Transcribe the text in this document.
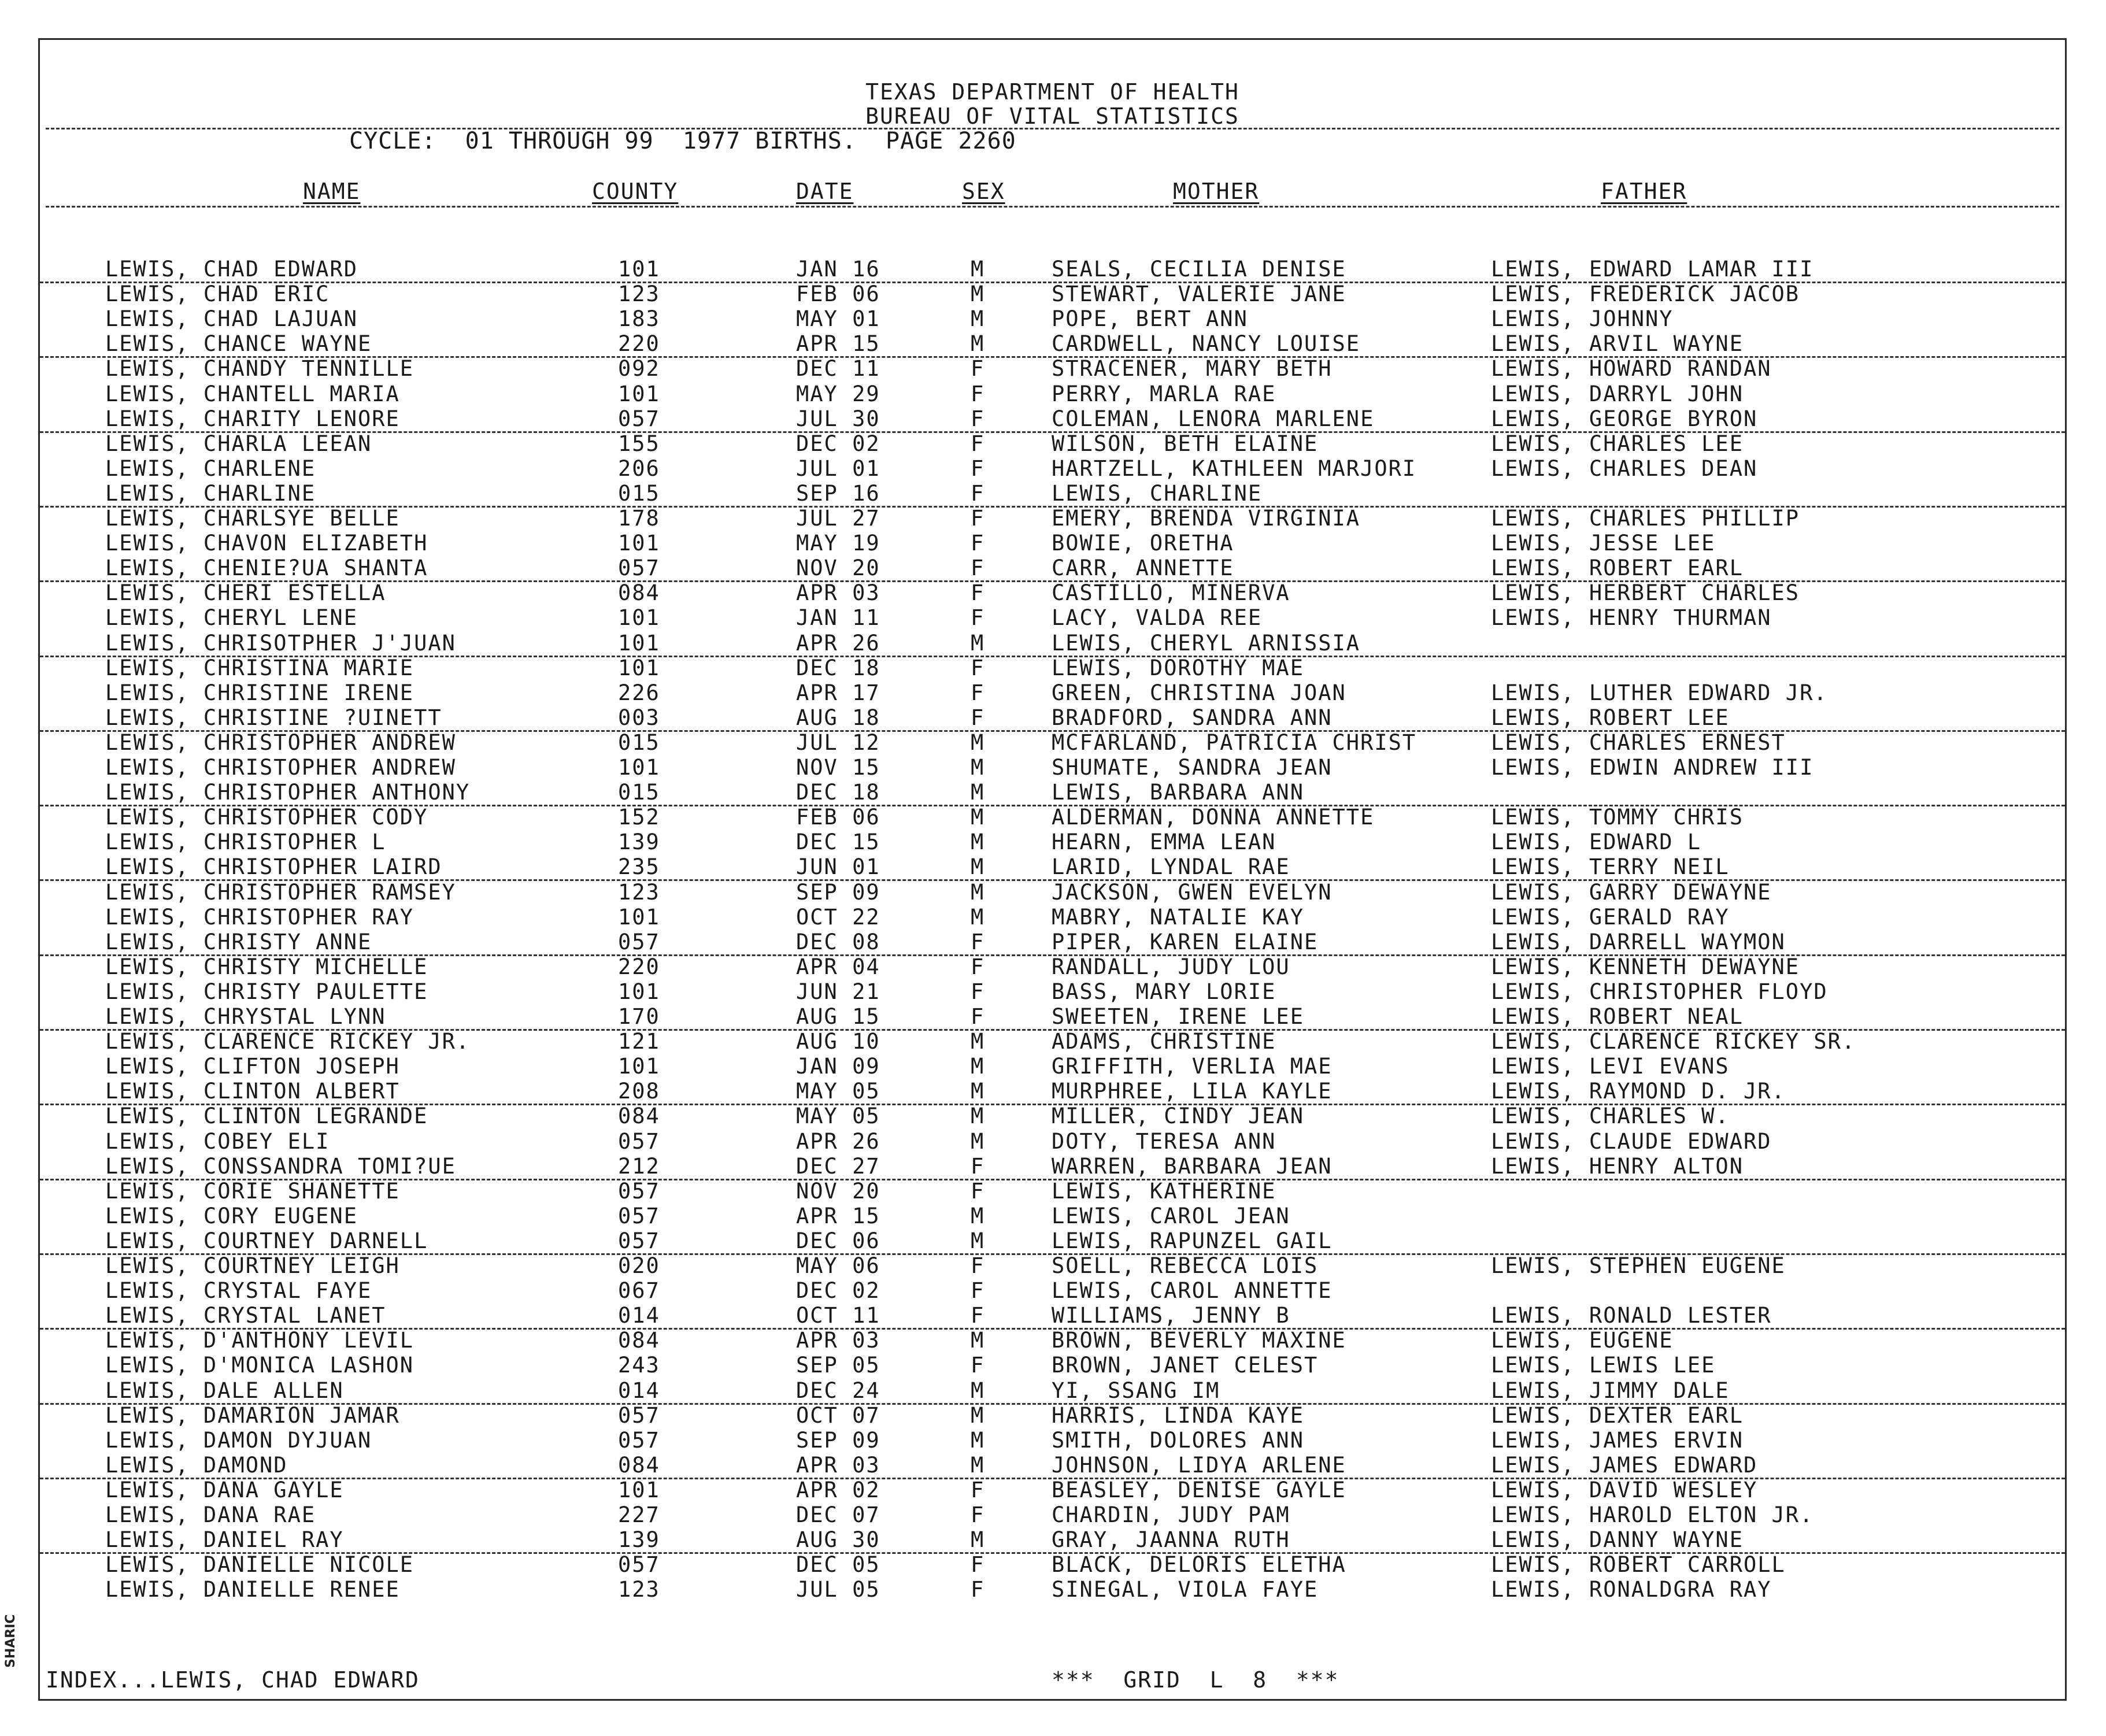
TEXAS DEPARTMENT OF HEALTH
BUREAU OF VITAL STATISTICS
CYCLE:  01 THROUGH 99  1977 BIRTHS.  PAGE 2260
NAME	COUNTY	DATE	SEX	MOTHER	FATHER
LEWIS, CHAD EDWARD	101	JAN 16	M	SEALS, CECILIA DENISE	LEWIS, EDWARD LAMAR III
LEWIS, CHAD ERIC	123	FEB 06	M	STEWART, VALERIE JANE	LEWIS, FREDERICK JACOB
LEWIS, CHAD LAJUAN	183	MAY 01	M	POPE, BERT ANN	LEWIS, JOHNNY
LEWIS, CHANCE WAYNE	220	APR 15	M	CARDWELL, NANCY LOUISE	LEWIS, ARVIL WAYNE
LEWIS, CHANDY TENNILLE	092	DEC 11	F	STRACENER, MARY BETH	LEWIS, HOWARD RANDAN
LEWIS, CHANTELL MARIA	101	MAY 29	F	PERRY, MARLA RAE	LEWIS, DARRYL JOHN
LEWIS, CHARITY LENORE	057	JUL 30	F	COLEMAN, LENORA MARLENE	LEWIS, GEORGE BYRON
LEWIS, CHARLA LEEAN	155	DEC 02	F	WILSON, BETH ELAINE	LEWIS, CHARLES LEE
LEWIS, CHARLENE	206	JUL 01	F	HARTZELL, KATHLEEN MARJORI	LEWIS, CHARLES DEAN
LEWIS, CHARLINE	015	SEP 16	F	LEWIS, CHARLINE
LEWIS, CHARLSYE BELLE	178	JUL 27	F	EMERY, BRENDA VIRGINIA	LEWIS, CHARLES PHILLIP
LEWIS, CHAVON ELIZABETH	101	MAY 19	F	BOWIE, ORETHA	LEWIS, JESSE LEE
LEWIS, CHENIE?UA SHANTA	057	NOV 20	F	CARR, ANNETTE	LEWIS, ROBERT EARL
LEWIS, CHERI ESTELLA	084	APR 03	F	CASTILLO, MINERVA	LEWIS, HERBERT CHARLES
LEWIS, CHERYL LENE	101	JAN 11	F	LACY, VALDA REE	LEWIS, HENRY THURMAN
LEWIS, CHRISOTPHER J'JUAN	101	APR 26	M	LEWIS, CHERYL ARNISSIA
LEWIS, CHRISTINA MARIE	101	DEC 18	F	LEWIS, DOROTHY MAE
LEWIS, CHRISTINE IRENE	226	APR 17	F	GREEN, CHRISTINA JOAN	LEWIS, LUTHER EDWARD JR.
LEWIS, CHRISTINE ?UINETT	003	AUG 18	F	BRADFORD, SANDRA ANN	LEWIS, ROBERT LEE
LEWIS, CHRISTOPHER ANDREW	015	JUL 12	M	MCFARLAND, PATRICIA CHRIST	LEWIS, CHARLES ERNEST
LEWIS, CHRISTOPHER ANDREW	101	NOV 15	M	SHUMATE, SANDRA JEAN	LEWIS, EDWIN ANDREW III
LEWIS, CHRISTOPHER ANTHONY	015	DEC 18	M	LEWIS, BARBARA ANN
LEWIS, CHRISTOPHER CODY	152	FEB 06	M	ALDERMAN, DONNA ANNETTE	LEWIS, TOMMY CHRIS
LEWIS, CHRISTOPHER L	139	DEC 15	M	HEARN, EMMA LEAN	LEWIS, EDWARD L
LEWIS, CHRISTOPHER LAIRD	235	JUN 01	M	LARID, LYNDAL RAE	LEWIS, TERRY NEIL
LEWIS, CHRISTOPHER RAMSEY	123	SEP 09	M	JACKSON, GWEN EVELYN	LEWIS, GARRY DEWAYNE
LEWIS, CHRISTOPHER RAY	101	OCT 22	M	MABRY, NATALIE KAY	LEWIS, GERALD RAY
LEWIS, CHRISTY ANNE	057	DEC 08	F	PIPER, KAREN ELAINE	LEWIS, DARRELL WAYMON
LEWIS, CHRISTY MICHELLE	220	APR 04	F	RANDALL, JUDY LOU	LEWIS, KENNETH DEWAYNE
LEWIS, CHRISTY PAULETTE	101	JUN 21	F	BASS, MARY LORIE	LEWIS, CHRISTOPHER FLOYD
LEWIS, CHRYSTAL LYNN	170	AUG 15	F	SWEETEN, IRENE LEE	LEWIS, ROBERT NEAL
LEWIS, CLARENCE RICKEY JR.	121	AUG 10	M	ADAMS, CHRISTINE	LEWIS, CLARENCE RICKEY SR.
LEWIS, CLIFTON JOSEPH	101	JAN 09	M	GRIFFITH, VERLIA MAE	LEWIS, LEVI EVANS
LEWIS, CLINTON ALBERT	208	MAY 05	M	MURPHREE, LILA KAYLE	LEWIS, RAYMOND D. JR.
LEWIS, CLINTON LEGRANDE	084	MAY 05	M	MILLER, CINDY JEAN	LEWIS, CHARLES W.
LEWIS, COBEY ELI	057	APR 26	M	DOTY, TERESA ANN	LEWIS, CLAUDE EDWARD
LEWIS, CONSSANDRA TOMI?UE	212	DEC 27	F	WARREN, BARBARA JEAN	LEWIS, HENRY ALTON
LEWIS, CORIE SHANETTE	057	NOV 20	F	LEWIS, KATHERINE
LEWIS, CORY EUGENE	057	APR 15	M	LEWIS, CAROL JEAN
LEWIS, COURTNEY DARNELL	057	DEC 06	M	LEWIS, RAPUNZEL GAIL
LEWIS, COURTNEY LEIGH	020	MAY 06	F	SOELL, REBECCA LOIS	LEWIS, STEPHEN EUGENE
LEWIS, CRYSTAL FAYE	067	DEC 02	F	LEWIS, CAROL ANNETTE
LEWIS, CRYSTAL LANET	014	OCT 11	F	WILLIAMS, JENNY B	LEWIS, RONALD LESTER
LEWIS, D'ANTHONY LEVIL	084	APR 03	M	BROWN, BEVERLY MAXINE	LEWIS, EUGENE
LEWIS, D'MONICA LASHON	243	SEP 05	F	BROWN, JANET CELEST	LEWIS, LEWIS LEE
LEWIS, DALE ALLEN	014	DEC 24	M	YI, SSANG IM	LEWIS, JIMMY DALE
LEWIS, DAMARION JAMAR	057	OCT 07	M	HARRIS, LINDA KAYE	LEWIS, DEXTER EARL
LEWIS, DAMON DYJUAN	057	SEP 09	M	SMITH, DOLORES ANN	LEWIS, JAMES ERVIN
LEWIS, DAMOND	084	APR 03	M	JOHNSON, LIDYA ARLENE	LEWIS, JAMES EDWARD
LEWIS, DANA GAYLE	101	APR 02	F	BEASLEY, DENISE GAYLE	LEWIS, DAVID WESLEY
LEWIS, DANA RAE	227	DEC 07	F	CHARDIN, JUDY PAM	LEWIS, HAROLD ELTON JR.
LEWIS, DANIEL RAY	139	AUG 30	M	GRAY, JAANNA RUTH	LEWIS, DANNY WAYNE
LEWIS, DANIELLE NICOLE	057	DEC 05	F	BLACK, DELORIS ELETHA	LEWIS, ROBERT CARROLL
LEWIS, DANIELLE RENEE	123	JUL 05	F	SINEGAL, VIOLA FAYE	LEWIS, RONALDGRA RAY
INDEX...LEWIS, CHAD EDWARD	***  GRID  L  8  ***
SHARIC
